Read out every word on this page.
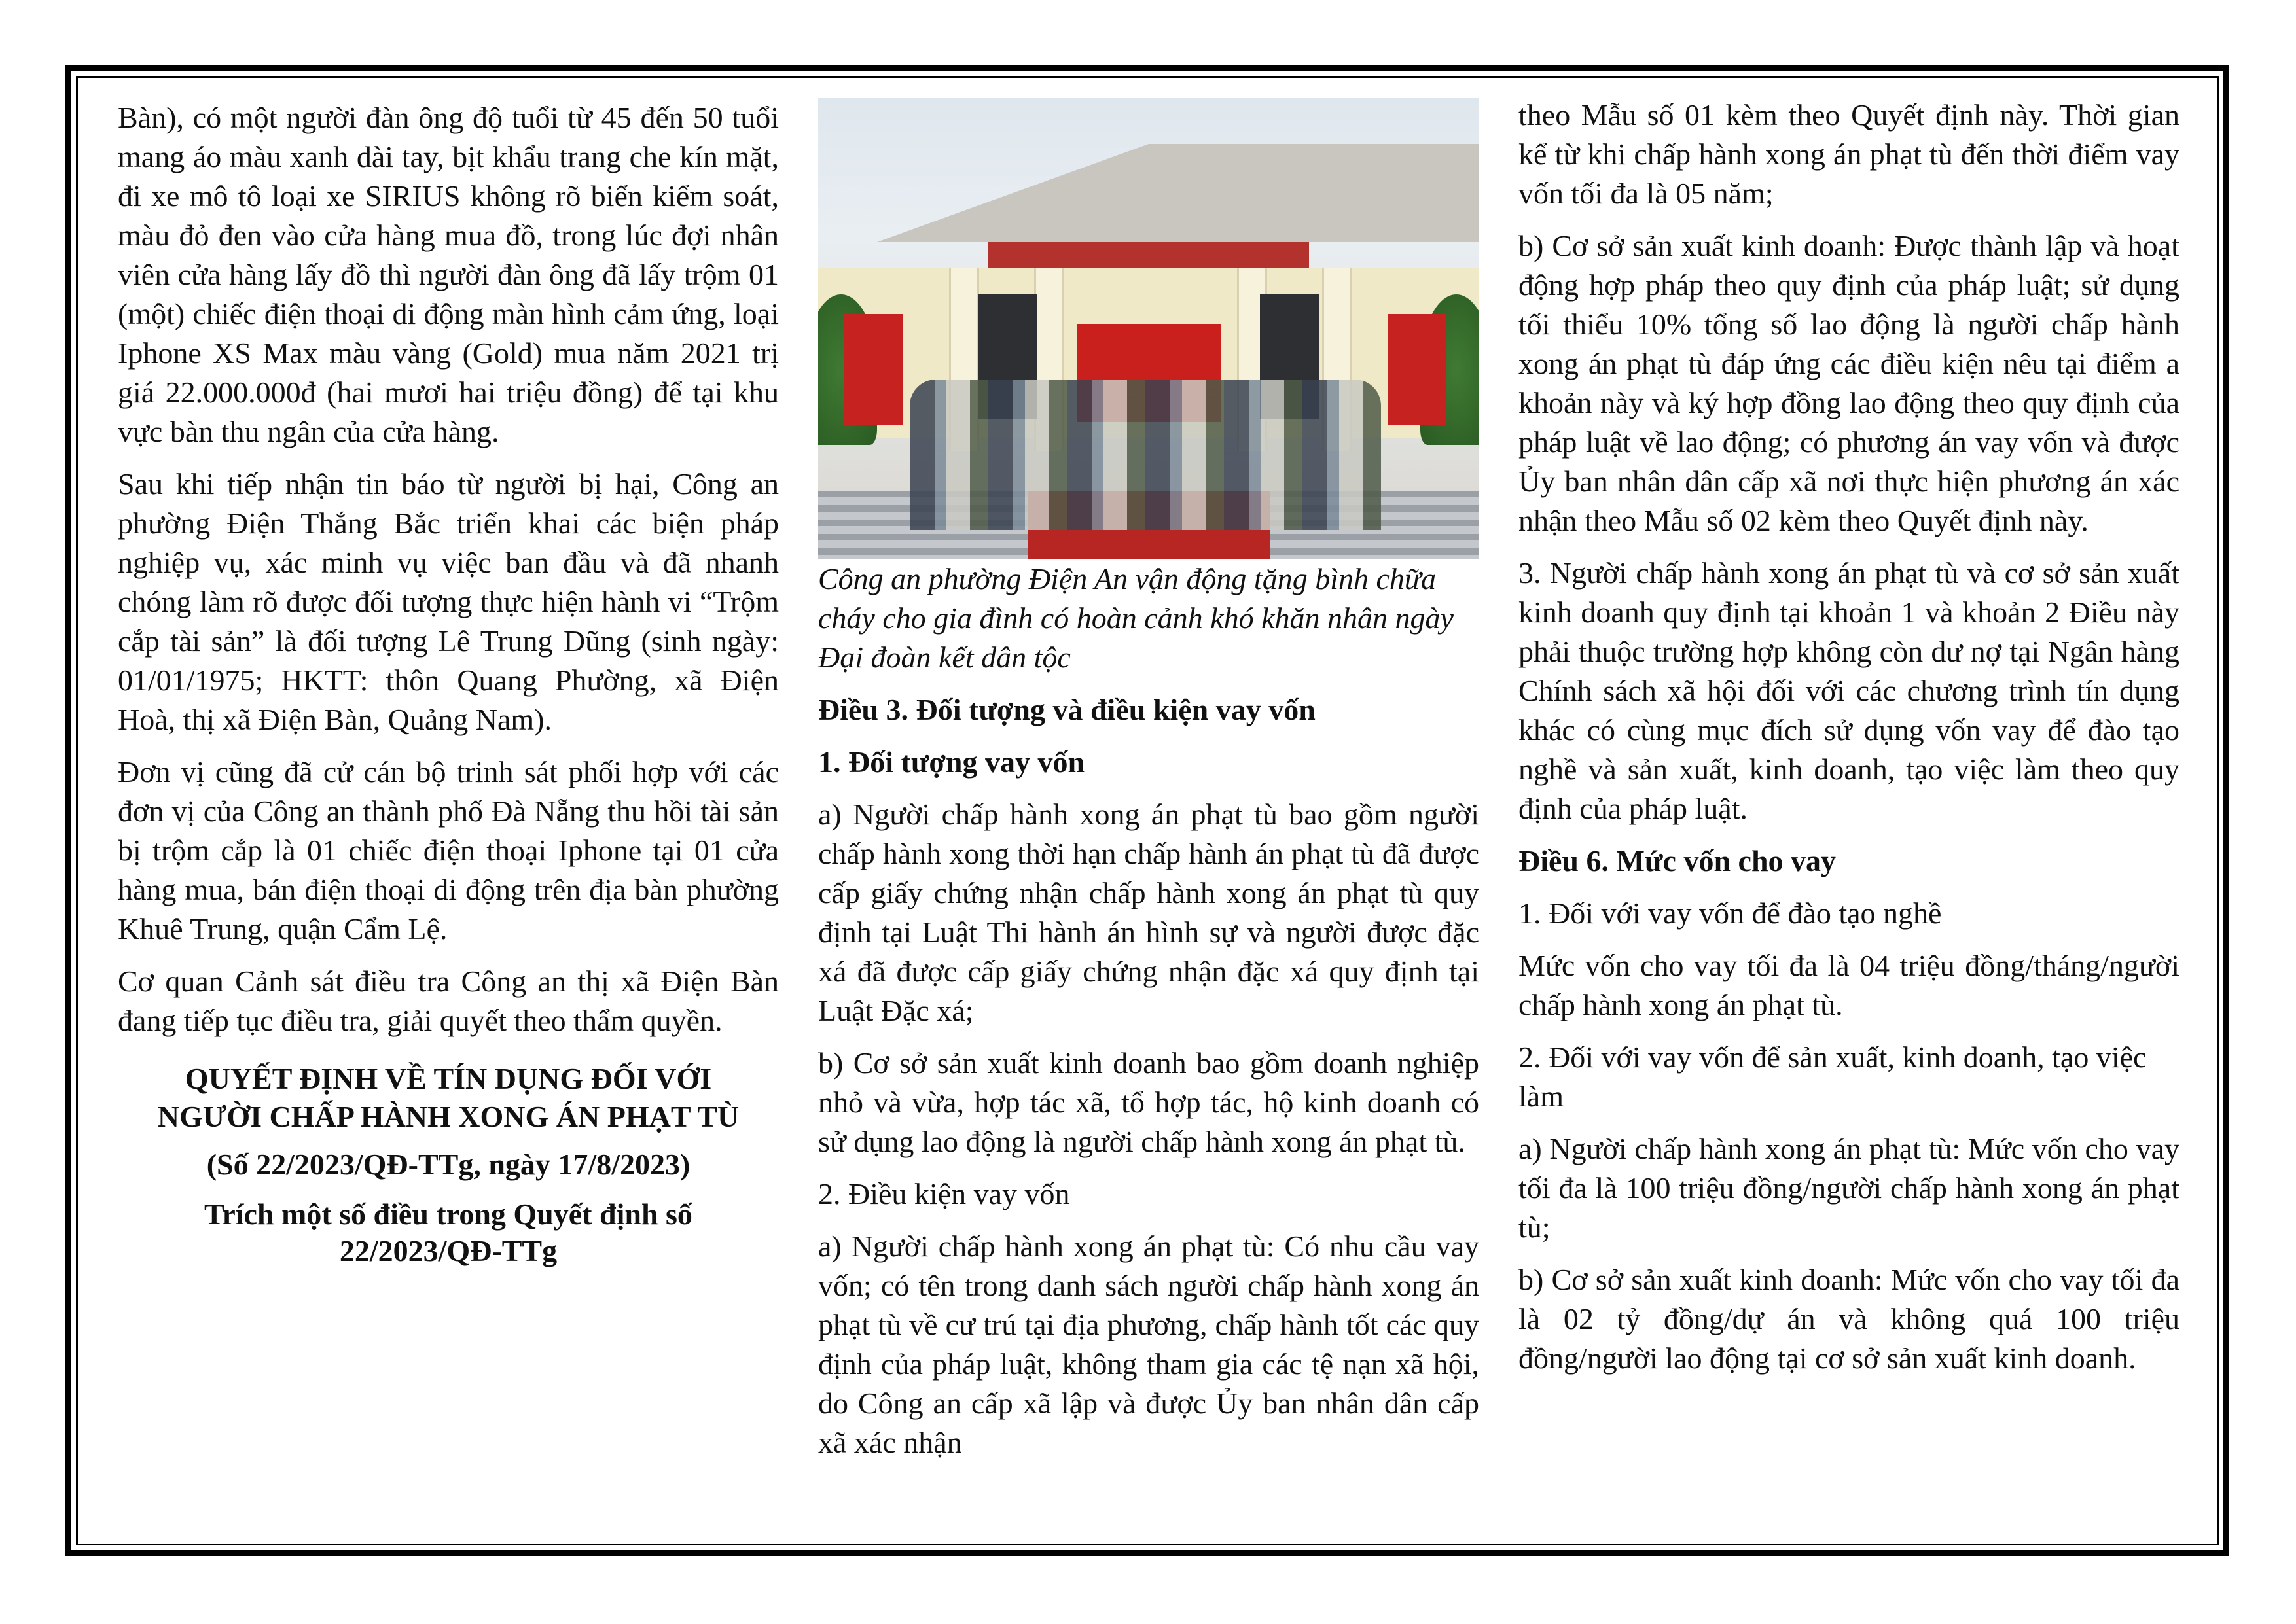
Bàn), có một người đàn ông độ tuổi từ 45 đến 50 tuổi mang áo màu xanh dài tay, bịt khẩu trang che kín mặt, đi xe mô tô loại xe SIRIUS không rõ biển kiểm soát, màu đỏ đen vào cửa hàng mua đồ, trong lúc đợi nhân viên cửa hàng lấy đồ thì người đàn ông đã lấy trộm 01 (một) chiếc điện thoại di động màn hình cảm ứng, loại Iphone XS Max màu vàng (Gold) mua năm 2021 trị giá 22.000.000đ (hai mươi hai triệu đồng) để tại khu vực bàn thu ngân của cửa hàng.

Sau khi tiếp nhận tin báo từ người bị hại, Công an phường Điện Thắng Bắc triển khai các biện pháp nghiệp vụ, xác minh vụ việc ban đầu và đã nhanh chóng làm rõ được đối tượng thực hiện hành vi “Trộm cắp tài sản” là đối tượng Lê Trung Dũng (sinh ngày: 01/01/1975; HKTT: thôn Quang Phường, xã Điện Hoà, thị xã Điện Bàn, Quảng Nam).

Đơn vị cũng đã cử cán bộ trinh sát phối hợp với các đơn vị của Công an thành phố Đà Nẵng thu hồi tài sản bị trộm cắp là 01 chiếc điện thoại Iphone tại 01 cửa hàng mua, bán điện thoại di động trên địa bàn phường Khuê Trung, quận Cẩm Lệ.

Cơ quan Cảnh sát điều tra Công an thị xã Điện Bàn đang tiếp tục điều tra, giải quyết theo thẩm quyền.

QUYẾT ĐỊNH VỀ TÍN DỤNG ĐỐI VỚI NGƯỜI CHẤP HÀNH XONG ÁN PHẠT TÙ

(Số 22/2023/QĐ-TTg, ngày 17/8/2023)

Trích một số điều trong Quyết định số 22/2023/QĐ-TTg

Công an phường Điện An vận động tặng bình chữa cháy cho gia đình có hoàn cảnh khó khăn nhân ngày Đại đoàn kết dân tộc

Điều 3. Đối tượng và điều kiện vay vốn

1. Đối tượng vay vốn

a) Người chấp hành xong án phạt tù bao gồm người chấp hành xong thời hạn chấp hành án phạt tù đã được cấp giấy chứng nhận chấp hành xong án phạt tù quy định tại Luật Thi hành án hình sự và người được đặc xá đã được cấp giấy chứng nhận đặc xá quy định tại Luật Đặc xá;

b) Cơ sở sản xuất kinh doanh bao gồm doanh nghiệp nhỏ và vừa, hợp tác xã, tổ hợp tác, hộ kinh doanh có sử dụng lao động là người chấp hành xong án phạt tù.

2. Điều kiện vay vốn

a) Người chấp hành xong án phạt tù: Có nhu cầu vay vốn; có tên trong danh sách người chấp hành xong án phạt tù về cư trú tại địa phương, chấp hành tốt các quy định của pháp luật, không tham gia các tệ nạn xã hội, do Công an cấp xã lập và được Ủy ban nhân dân cấp xã xác nhận

theo Mẫu số 01 kèm theo Quyết định này. Thời gian kể từ khi chấp hành xong án phạt tù đến thời điểm vay vốn tối đa là 05 năm;

b) Cơ sở sản xuất kinh doanh: Được thành lập và hoạt động hợp pháp theo quy định của pháp luật; sử dụng tối thiểu 10% tổng số lao động là người chấp hành xong án phạt tù đáp ứng các điều kiện nêu tại điểm a khoản này và ký hợp đồng lao động theo quy định của pháp luật về lao động; có phương án vay vốn và được Ủy ban nhân dân cấp xã nơi thực hiện phương án xác nhận theo Mẫu số 02 kèm theo Quyết định này.

3. Người chấp hành xong án phạt tù và cơ sở sản xuất kinh doanh quy định tại khoản 1 và khoản 2 Điều này phải thuộc trường hợp không còn dư nợ tại Ngân hàng Chính sách xã hội đối với các chương trình tín dụng khác có cùng mục đích sử dụng vốn vay để đào tạo nghề và sản xuất, kinh doanh, tạo việc làm theo quy định của pháp luật.

Điều 6. Mức vốn cho vay

1. Đối với vay vốn để đào tạo nghề

Mức vốn cho vay tối đa là 04 triệu đồng/tháng/người chấp hành xong án phạt tù.

2. Đối với vay vốn để sản xuất, kinh doanh, tạo việc làm

a) Người chấp hành xong án phạt tù: Mức vốn cho vay tối đa là 100 triệu đồng/người chấp hành xong án phạt tù;

b) Cơ sở sản xuất kinh doanh: Mức vốn cho vay tối đa là 02 tỷ đồng/dự án và không quá 100 triệu đồng/người lao động tại cơ sở sản xuất kinh doanh.
